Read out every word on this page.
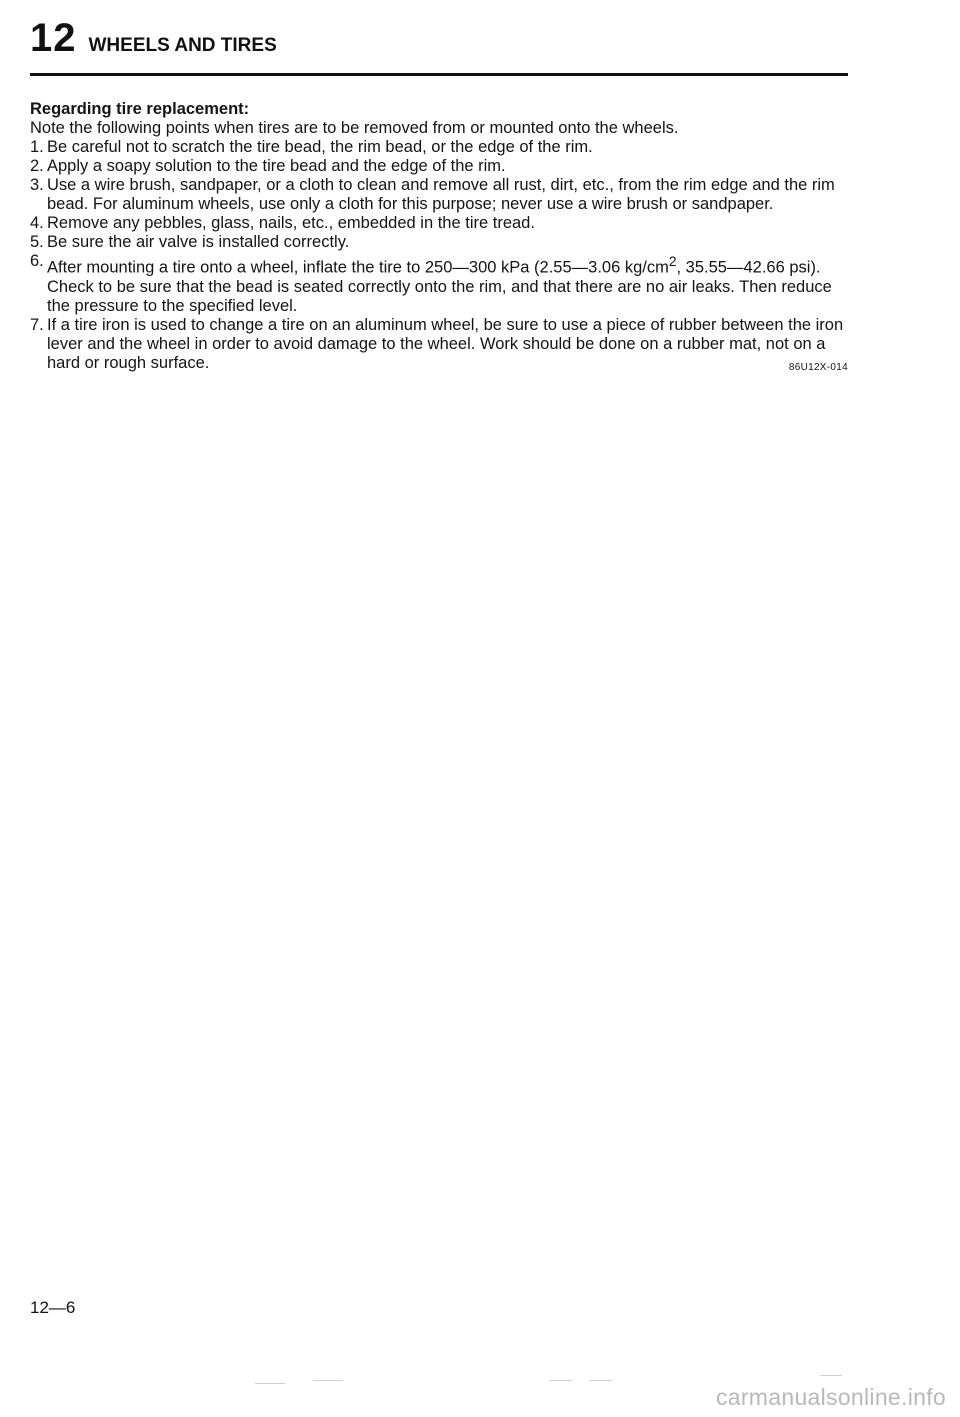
12 WHEELS AND TIRES

Regarding tire replacement:

Note the following points when tires are to be removed from or mounted onto the wheels.

1. Be careful not to scratch the tire bead, the rim bead, or the edge of the rim.
2. Apply a soapy solution to the tire bead and the edge of the rim.
3. Use a wire brush, sandpaper, or a cloth to clean and remove all rust, dirt, etc., from the rim edge and the rim bead. For aluminum wheels, use only a cloth for this purpose; never use a wire brush or sandpaper.
4. Remove any pebbles, glass, nails, etc., embedded in the tire tread.
5. Be sure the air valve is installed correctly.
6. After mounting a tire onto a wheel, inflate the tire to 250—300 kPa (2.55—3.06 $kg/cm^2$, 35.55—42.66 psi). Check to be sure that the bead is seated correctly onto the rim, and that there are no air leaks. Then reduce the pressure to the specified level.
7. If a tire iron is used to change a tire on an aluminum wheel, be sure to use a piece of rubber between the iron lever and the wheel in order to avoid damage to the wheel. Work should be done on a rubber mat, not on a hard or rough surface.	86U12X-014
12—6
carmanualsonline.info
